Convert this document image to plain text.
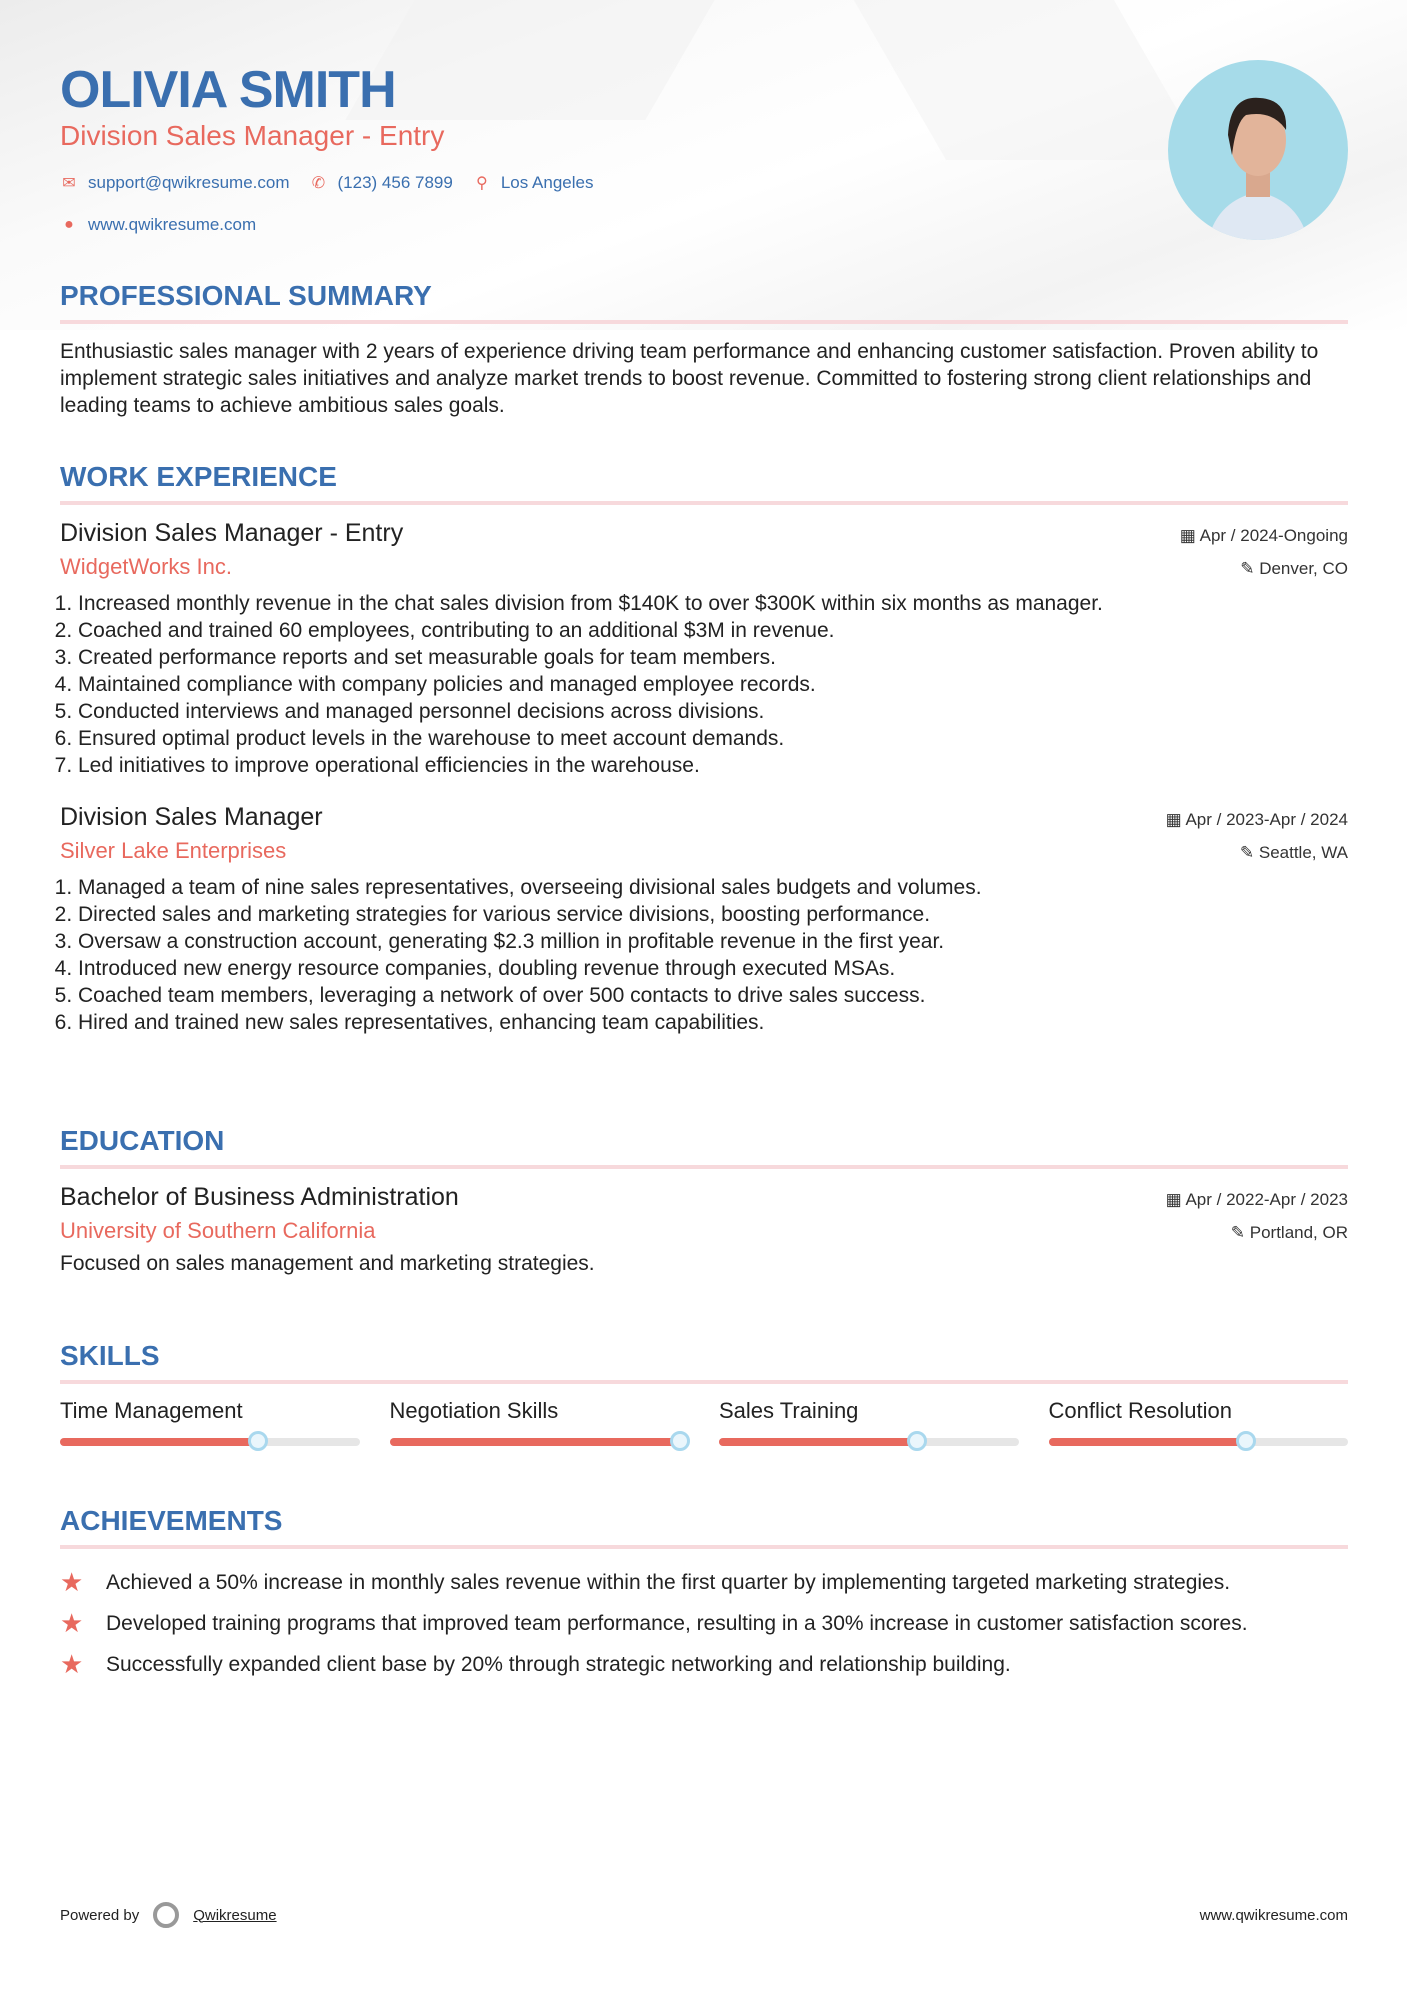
OLIVIA SMITH
Division Sales Manager - Entry
✉ support@qwikresume.com ✆ (123) 456 7899 ⚲ Los Angeles
● www.qwikresume.com
PROFESSIONAL SUMMARY

Enthusiastic sales manager with 2 years of experience driving team performance and enhancing customer satisfaction. Proven ability to implement strategic sales initiatives and analyze market trends to boost revenue. Committed to fostering strong client relationships and leading teams to achieve ambitious sales goals.

WORK EXPERIENCE
Division Sales Manager - Entry	▦ Apr / 2024-Ongoing
WidgetWorks Inc.	✎ Denver, CO
1. Increased monthly revenue in the chat sales division from $140K to over $300K within six months as manager.
2. Coached and trained 60 employees, contributing to an additional $3M in revenue.
3. Created performance reports and set measurable goals for team members.
4. Maintained compliance with company policies and managed employee records.
5. Conducted interviews and managed personnel decisions across divisions.
6. Ensured optimal product levels in the warehouse to meet account demands.
7. Led initiatives to improve operational efficiencies in the warehouse.
Division Sales Manager	▦ Apr / 2023-Apr / 2024
Silver Lake Enterprises	✎ Seattle, WA
1. Managed a team of nine sales representatives, overseeing divisional sales budgets and volumes.
2. Directed sales and marketing strategies for various service divisions, boosting performance.
3. Oversaw a construction account, generating $2.3 million in profitable revenue in the first year.
4. Introduced new energy resource companies, doubling revenue through executed MSAs.
5. Coached team members, leveraging a network of over 500 contacts to drive sales success.
6. Hired and trained new sales representatives, enhancing team capabilities.
EDUCATION
Bachelor of Business Administration	▦ Apr / 2022-Apr / 2023
University of Southern California	✎ Portland, OR

Focused on sales management and marketing strategies.

SKILLS
Time Management	Negotiation Skills	Sales Training	Conflict Resolution
ACHIEVEMENTS
★	Achieved a 50% increase in monthly sales revenue within the first quarter by implementing targeted marketing strategies.
★	Developed training programs that improved team performance, resulting in a 30% increase in customer satisfaction scores.
★	Successfully expanded client base by 20% through strategic networking and relationship building.
Powered by	Qwikresume	www.qwikresume.com
